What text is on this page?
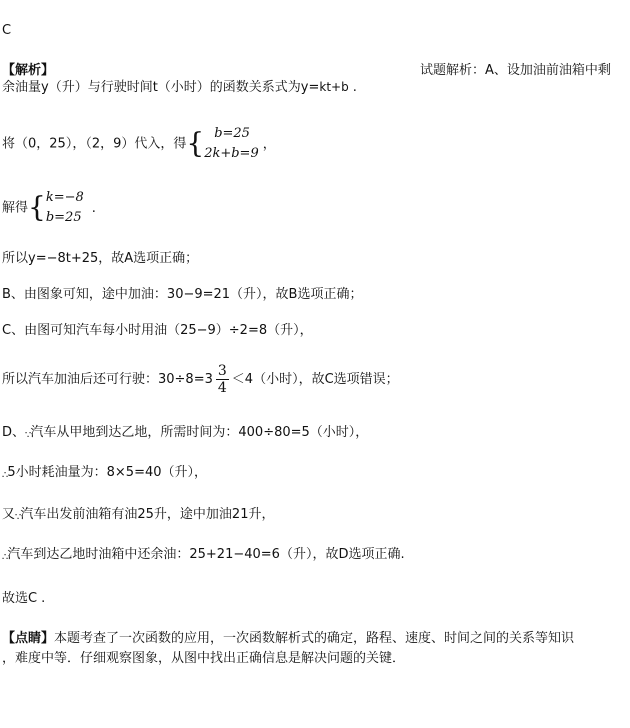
C
【解析】	试题解析：A、设加油前油箱中剩
余油量y（升）与行驶时间t（小时）的函数关系式为y=kt+b .
将（0，25），（2，9）代入，得{ b=25
2k+b=9
，
解得{ k=−8
b=25
.
所以y=−8t+25，故A选项正确；
B、由图象可知，途中加油：30−9=21（升），故B选项正确；
C、由图可知汽车每小时用油（25−9）÷2=8（升），
所以汽车加油后还可行驶：$30\div 8=3 \frac{3}{4} <4$（小时），故C选项错误；
D、∵汽车从甲地到达乙地，所需时间为：400÷80=5（小时），
∴5小时耗油量为：8×5=40（升），
又∵汽车出发前油箱有油25升，途中加油21升，
∴汽车到达乙地时油箱中还余油：25+21−40=6（升），故D选项正确.
故选C .
【点睛】本题考查了一次函数的应用，一次函数解析式的确定，路程、速度、时间之间的关系等知识
，难度中等．仔细观察图象，从图中找出正确信息是解决问题的关键．
